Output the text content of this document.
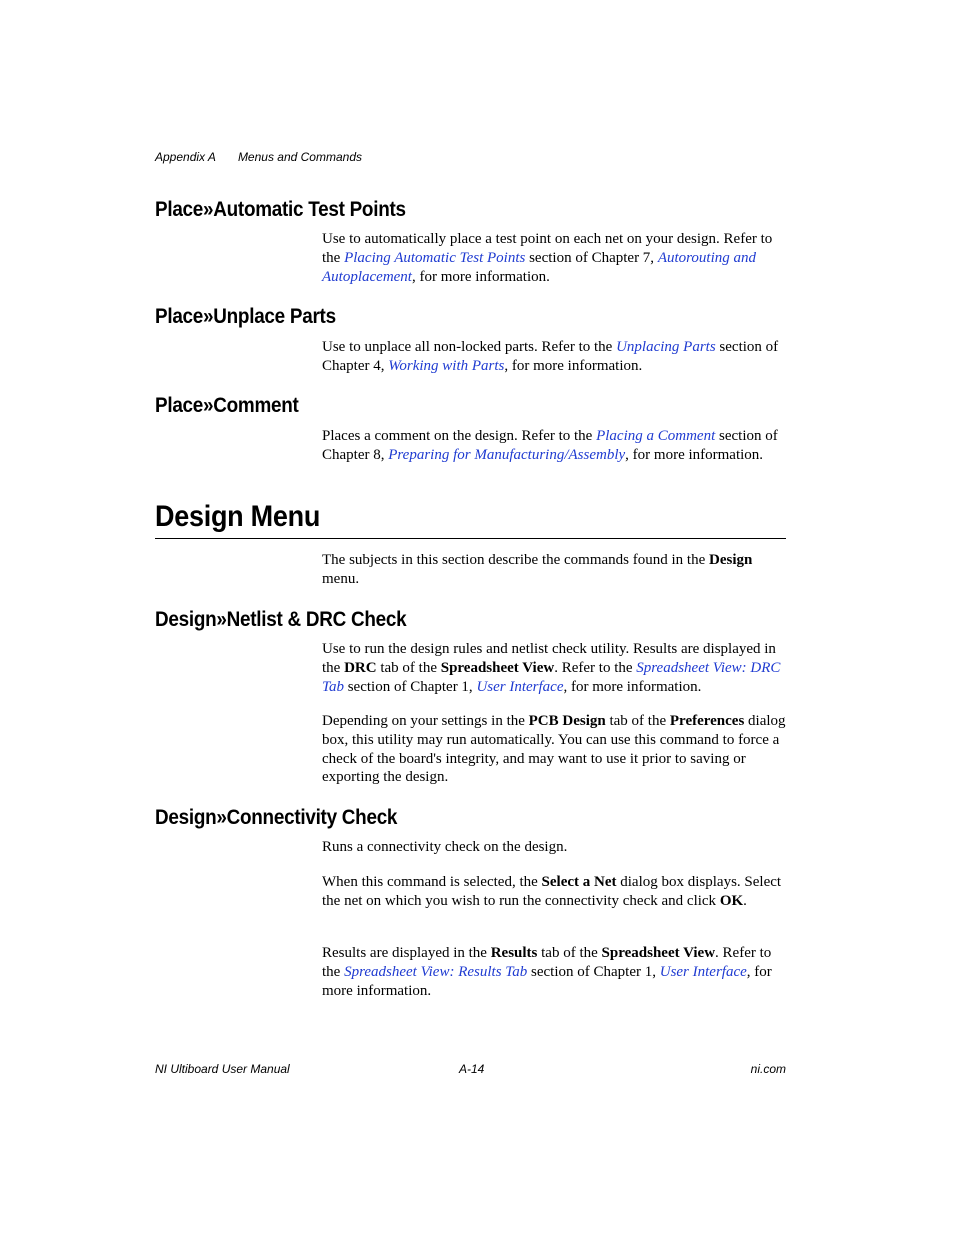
Appendix A Menus and Commands
Place»Automatic Test Points

Use to automatically place a test point on each net on your design. Refer to the Placing Automatic Test Points section of Chapter 7, Autorouting and Autoplacement, for more information.

Place»Unplace Parts

Use to unplace all non-locked parts. Refer to the Unplacing Parts section of Chapter 4, Working with Parts, for more information.

Place»Comment

Places a comment on the design. Refer to the Placing a Comment section of Chapter 8, Preparing for Manufacturing/Assembly, for more information.

Design Menu

The subjects in this section describe the commands found in the Design menu.

Design»Netlist & DRC Check

Use to run the design rules and netlist check utility. Results are displayed in the DRC tab of the Spreadsheet View. Refer to the Spreadsheet View: DRC Tab section of Chapter 1, User Interface, for more information.

Depending on your settings in the PCB Design tab of the Preferences dialog box, this utility may run automatically. You can use this command to force a check of the board's integrity, and may want to use it prior to saving or exporting the design.

Design»Connectivity Check

Runs a connectivity check on the design.

When this command is selected, the Select a Net dialog box displays. Select the net on which you wish to run the connectivity check and click OK.

Results are displayed in the Results tab of the Spreadsheet View. Refer to the Spreadsheet View: Results Tab section of Chapter 1, User Interface, for more information.

NI Ultiboard User Manual	A-14	ni.com
